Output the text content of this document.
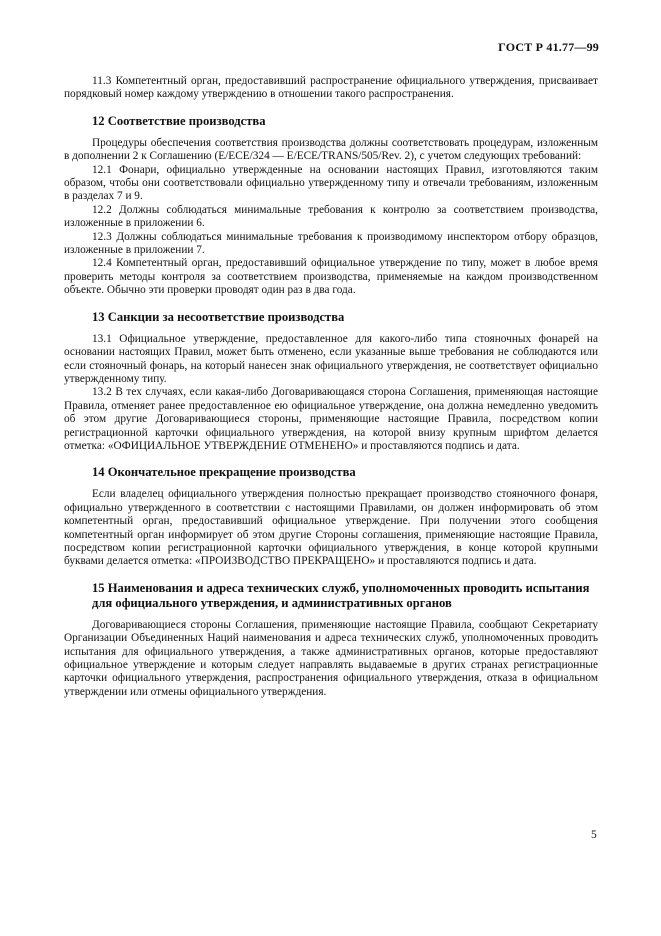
ГОСТ Р 41.77—99

11.3 Компетентный орган, предоставивший распространение официального утверждения, присваивает порядковый номер каждому утверждению в отношении такого распространения.

12 Соответствие производства

Процедуры обеспечения соответствия производства должны соответствовать процедурам, изложенным в дополнении 2 к Соглашению (E/ECE/324 — E/ECE/TRANS/505/Rev. 2), с учетом следующих требований:

12.1 Фонари, официально утвержденные на основании настоящих Правил, изготовляются таким образом, чтобы они соответствовали официально утвержденному типу и отвечали требованиям, изложенным в разделах 7 и 9.

12.2 Должны соблюдаться минимальные требования к контролю за соответствием производства, изложенные в приложении 6.

12.3 Должны соблюдаться минимальные требования к производимому инспектором отбору образцов, изложенные в приложении 7.

12.4 Компетентный орган, предоставивший официальное утверждение по типу, может в любое время проверить методы контроля за соответствием производства, применяемые на каждом производственном объекте. Обычно эти проверки проводят один раз в два года.

13 Санкции за несоответствие производства

13.1 Официальное утверждение, предоставленное для какого-либо типа стояночных фонарей на основании настоящих Правил, может быть отменено, если указанные выше требования не соблюдаются или если стояночный фонарь, на который нанесен знак официального утверждения, не соответствует официально утвержденному типу.

13.2 В тех случаях, если какая-либо Договаривающаяся сторона Соглашения, применяющая настоящие Правила, отменяет ранее предоставленное ею официальное утверждение, она должна немедленно уведомить об этом другие Договаривающиеся стороны, применяющие настоящие Правила, посредством копии регистрационной карточки официального утверждения, на которой внизу крупным шрифтом делается отметка: «ОФИЦИАЛЬНОЕ УТВЕРЖДЕНИЕ ОТМЕНЕНО» и проставляются подпись и дата.

14 Окончательное прекращение производства

Если владелец официального утверждения полностью прекращает производство стояночного фонаря, официально утвержденного в соответствии с настоящими Правилами, он должен информировать об этом компетентный орган, предоставивший официальное утверждение. При получении этого сообщения компетентный орган информирует об этом другие Стороны соглашения, применяющие настоящие Правила, посредством копии регистрационной карточки официального утверждения, в конце которой крупными буквами делается отметка: «ПРОИЗВОДСТВО ПРЕКРАЩЕНО» и проставляются подпись и дата.

15 Наименования и адреса технических служб, уполномоченных проводить испытания для официального утверждения, и административных органов

Договаривающиеся стороны Соглашения, применяющие настоящие Правила, сообщают Секретариату Организации Объединенных Наций наименования и адреса технических служб, уполномоченных проводить испытания для официального утверждения, а также административных органов, которые предоставляют официальное утверждение и которым следует направлять выдаваемые в других странах регистрационные карточки официального утверждения, распространения официального утверждения, отказа в официальном утверждении или отмены официального утверждения.

5
